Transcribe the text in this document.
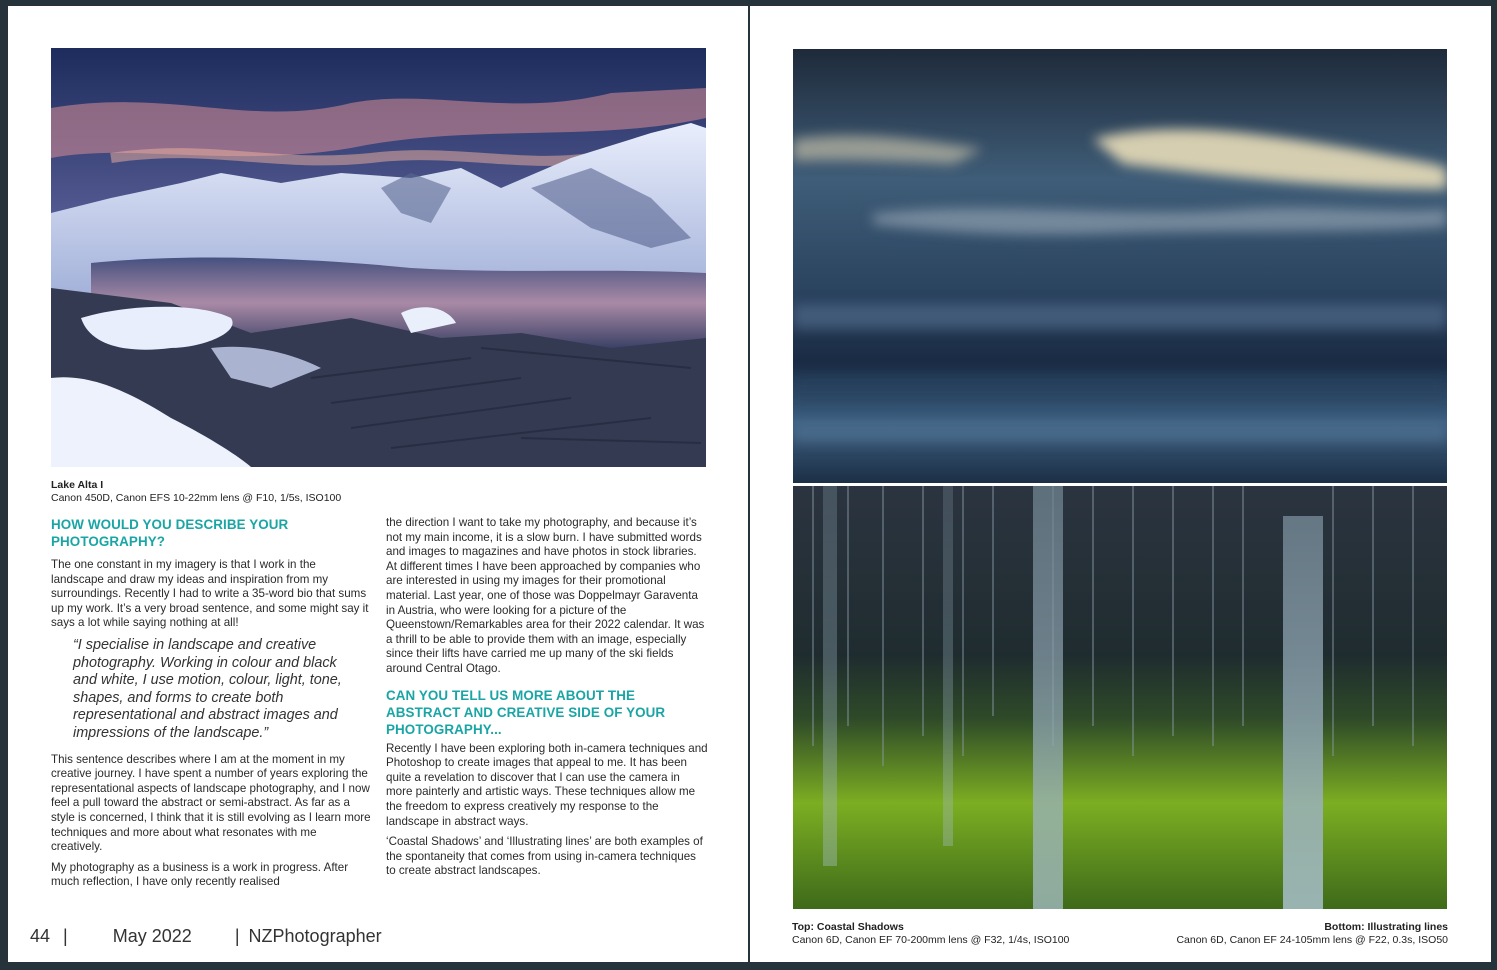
Lake Alta I
Canon 450D, Canon EFS 10-22mm lens @ F10, 1/5s, ISO100
HOW WOULD YOU DESCRIBE YOUR PHOTOGRAPHY?

The one constant in my imagery is that I work in the landscape and draw my ideas and inspiration from my surroundings. Recently I had to write a 35-word bio that sums up my work. It’s a very broad sentence, and some might say it says a lot while saying nothing at all!

“I specialise in landscape and creative photography. Working in colour and black and white, I use motion, colour, light, tone, shapes, and forms to create both representational and abstract images and impressions of the landscape.”

This sentence describes where I am at the moment in my creative journey. I have spent a number of years exploring the representational aspects of landscape photography, and I now feel a pull toward the abstract or semi-abstract. As far as a style is concerned, I think that it is still evolving as I learn more techniques and more about what resonates with me creatively.

My photography as a business is a work in progress. After much reflection, I have only recently realised

the direction I want to take my photography, and because it’s not my main income, it is a slow burn. I have submitted words and images to magazines and have photos in stock libraries. At different times I have been approached by companies who are interested in using my images for their promotional material. Last year, one of those was Doppelmayr Garaventa in Austria, who were looking for a picture of the Queenstown/Remarkables area for their 2022 calendar. It was a thrill to be able to provide them with an image, especially since their lifts have carried me up many of the ski fields around Central Otago.

CAN YOU TELL US MORE ABOUT THE ABSTRACT AND CREATIVE SIDE OF YOUR PHOTOGRAPHY...

Recently I have been exploring both in-camera techniques and Photoshop to create images that appeal to me. It has been quite a revelation to discover that I can use the camera in more painterly and artistic ways. These techniques allow me the freedom to express creatively my response to the landscape in abstract ways.

‘Coastal Shadows’ and ‘Illustrating lines’ are both examples of the spontaneity that comes from using in-camera techniques to create abstract landscapes.

44 |	May 2022 | NZPhotographer	Top: Coastal Shadows
Canon 6D, Canon EF 70-200mm lens @ F32, 1/4s, ISO100
Bottom: Illustrating lines
Canon 6D, Canon EF 24-105mm lens @ F22, 0.3s, ISO50
